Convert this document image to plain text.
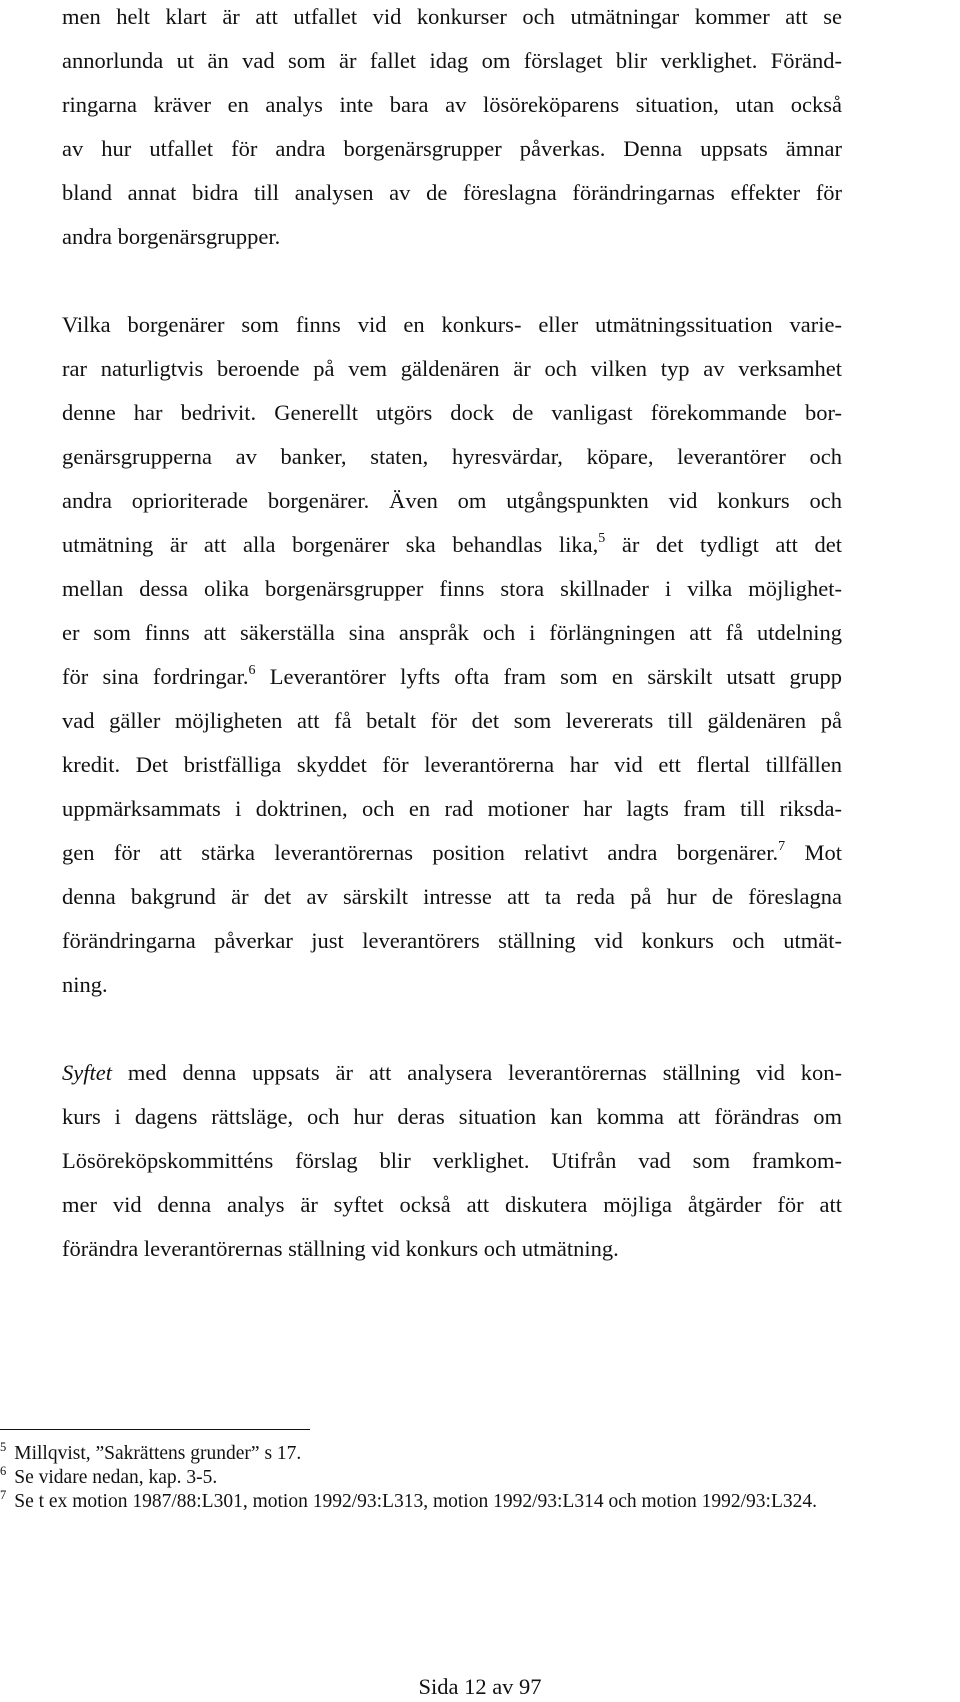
men helt klart är att utfallet vid konkurser och utmätningar kommer att se
annorlunda ut än vad som är fallet idag om förslaget blir verklighet. Föränd-
ringarna kräver en analys inte bara av lösöreköparens situation, utan också
av hur utfallet för andra borgenärsgrupper påverkas. Denna uppsats ämnar
bland annat bidra till analysen av de föreslagna förändringarnas effekter för
andra borgenärsgrupper.
Vilka borgenärer som finns vid en konkurs- eller utmätningssituation varie-
rar naturligtvis beroende på vem gäldenären är och vilken typ av verksamhet
denne har bedrivit. Generellt utgörs dock de vanligast förekommande bor-
genärsgrupperna av banker, staten, hyresvärdar, köpare, leverantörer och
andra oprioriterade borgenärer. Även om utgångspunkten vid konkurs och
utmätning är att alla borgenärer ska behandlas lika,$^5$ är det tydligt att det
mellan dessa olika borgenärsgrupper finns stora skillnader i vilka möjlighet-
er som finns att säkerställa sina anspråk och i förlängningen att få utdelning
för sina fordringar.$^6$ Leverantörer lyfts ofta fram som en särskilt utsatt grupp
vad gäller möjligheten att få betalt för det som levererats till gäldenären på
kredit. Det bristfälliga skyddet för leverantörerna har vid ett flertal tillfällen
uppmärksammats i doktrinen, och en rad motioner har lagts fram till riksda-
gen för att stärka leverantörernas position relativt andra borgenärer.$^7$ Mot
denna bakgrund är det av särskilt intresse att ta reda på hur de föreslagna
förändringarna påverkar just leverantörers ställning vid konkurs och utmät-
ning.
Syftet med denna uppsats är att analysera leverantörernas ställning vid kon-
kurs i dagens rättsläge, och hur deras situation kan komma att förändras om
Lösöreköpskommitténs förslag blir verklighet. Utifrån vad som framkom-
mer vid denna analys är syftet också att diskutera möjliga åtgärder för att
förändra leverantörernas ställning vid konkurs och utmätning.
$^5$ Millqvist, ”Sakrättens grunder” s 17.
$^6$ Se vidare nedan, kap. 3-5.
$^7$ Se t ex motion 1987/88:L301, motion 1992/93:L313, motion 1992/93:L314 och motion 1992/93:L324.
Sida 12 av 97
